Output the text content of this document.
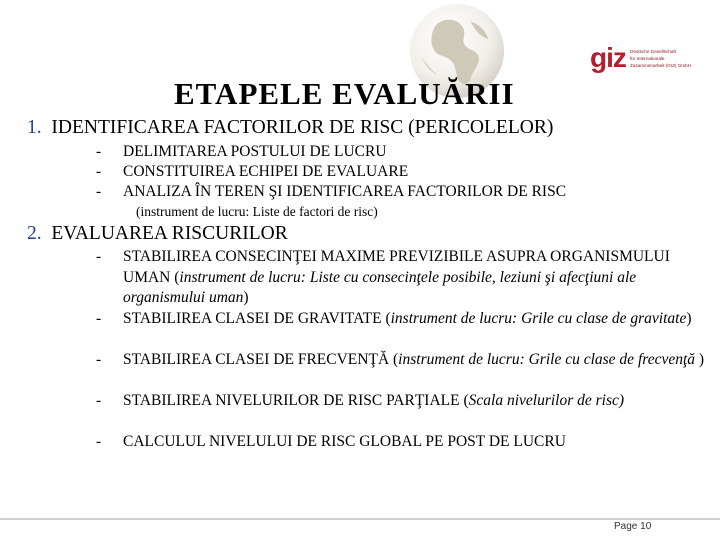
giz Deutsche Gesellschaft
für Internationale
Zusammenarbeit (GIZ) GmbH
ETAPELE EVALUĂRII
1. IDENTIFICAREA FACTORILOR DE RISC (PERICOLELOR)
- DELIMITAREA POSTULUI DE LUCRU
- CONSTITUIREA ECHIPEI DE EVALUARE
- ANALIZA ÎN TEREN ŞI IDENTIFICAREA FACTORILOR DE RISC
(instrument de lucru: Liste de factori de risc)
2. EVALUAREA RISCURILOR
- STABILIREA CONSECINŢEI MAXIME PREVIZIBILE ASUPRA ORGANISMULUI UMAN (instrument de lucru: Liste cu consecinţele posibile, leziuni şi afecţiuni ale organismului uman)
- STABILIREA CLASEI DE GRAVITATE (instrument de lucru: Grile cu clase de gravitate)
- STABILIREA CLASEI DE FRECVENŢĂ (instrument de lucru: Grile cu clase de frecvenţă )
- STABILIREA NIVELURILOR DE RISC PARŢIALE (Scala nivelurilor de risc)
- CALCULUL NIVELULUI DE RISC GLOBAL PE POST DE LUCRU
Page 10
